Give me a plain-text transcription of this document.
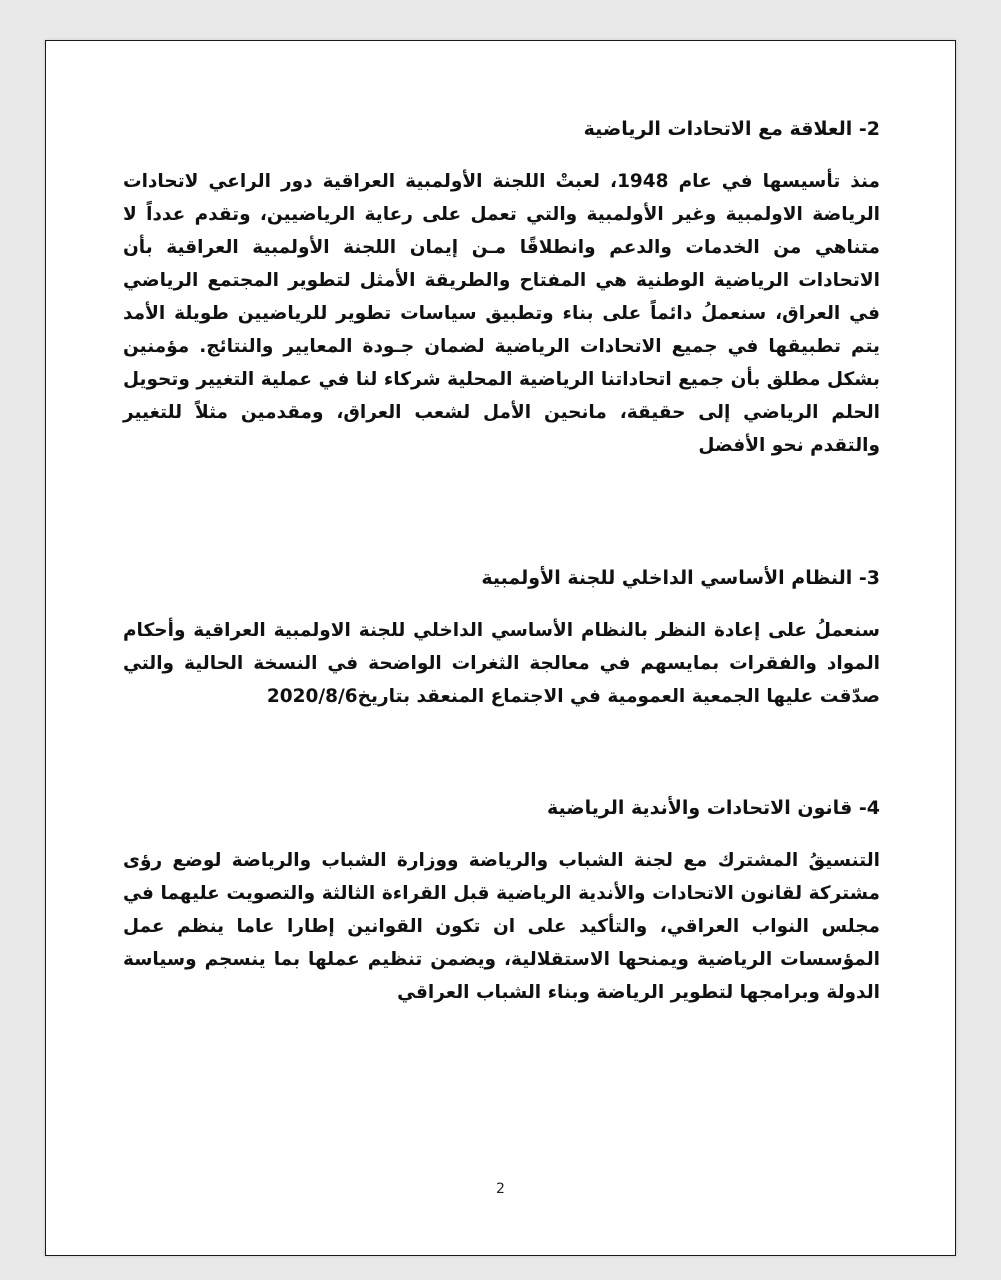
2- العلاقة مع الاتحادات الرياضية
منذ تأسيسها في عام 1948، لعبتْ اللجنة الأولمبية العراقية دور الراعي لاتحادات الرياضة الاولمبية وغير الأولمبية والتي تعمل على رعاية الرياضيين، وتقدم عدداً لا متناهي من الخدمات والدعم وانطلاقًا مـن إيمان اللجنة الأولمبية العراقية بأن الاتحادات الرياضية الوطنية هي المفتاح والطريقة الأمثل لتطوير المجتمع الرياضي في العراق، سنعملُ دائماً على بناء وتطبيق سياسات تطوير للرياضيين طويلة الأمد يتم تطبيقها في جميع الاتحادات الرياضية لضمان جـودة المعايير والنتائج. مؤمنين بشكل مطلق بأن جميع اتحاداتنا الرياضية المحلية شركاء لنا في عملية التغيير وتحويل الحلم الرياضي إلى حقيقة، مانحين الأمل لشعب العراق، ومقدمين مثلاً للتغيير والتقدم نحو الأفضل
3- النظام الأساسي الداخلي للجنة الأولمبية
سنعملُ على إعادة النظر بالنظام الأساسي الداخلي للجنة الاولمبية العراقية وأحكام المواد والفقرات بمايسهم في معالجة الثغرات الواضحة في النسخة الحالية والتي صدّقت عليها الجمعية العمومية في الاجتماع المنعقد بتاريخ2020/8/6
4- قانون الاتحادات والأندية الرياضية
التنسيقُ المشترك مع لجنة الشباب والرياضة ووزارة الشباب والرياضة لوضع رؤى مشتركة لقانون الاتحادات والأندية الرياضية قبل القراءة الثالثة والتصويت عليهما في مجلس النواب العراقي، والتأكيد على ان تكون القوانين إطارا عاما ينظم عمل المؤسسات الرياضية ويمنحها الاستقلالية، ويضمن تنظيم عملها بما ينسجم وسياسة الدولة وبرامجها لتطوير الرياضة وبناء الشباب العراقي
2
